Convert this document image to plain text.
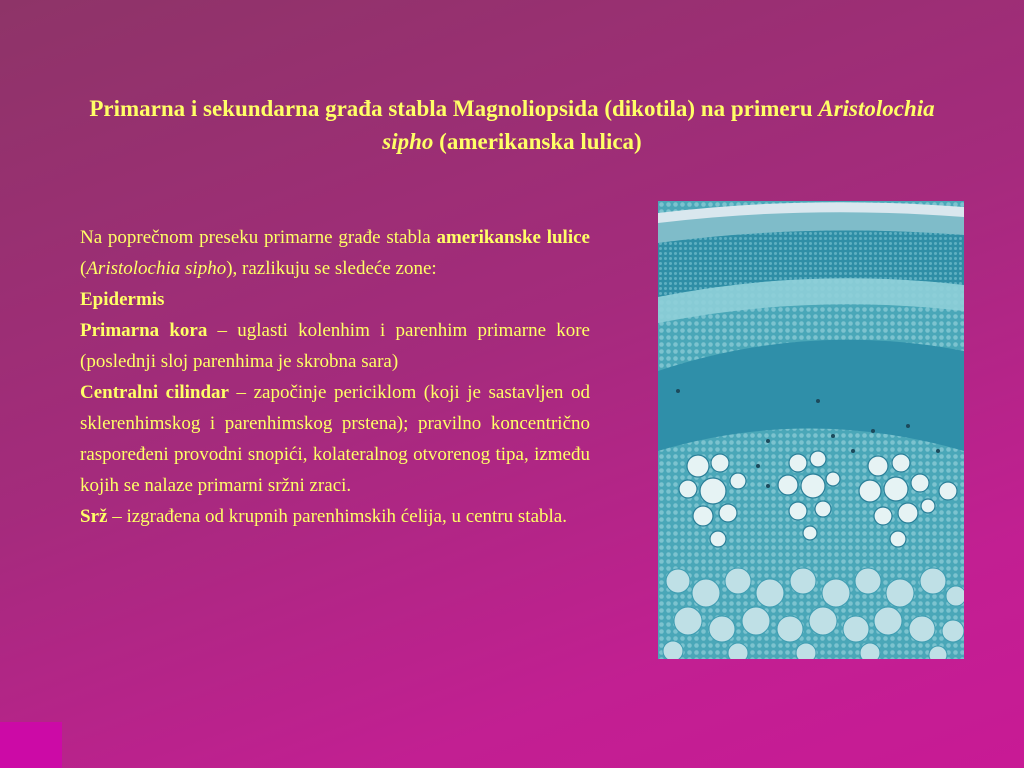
Primarna i sekundarna građa stabla Magnoliopsida (dikotila) na primeru Aristolochia sipho (amerikanska lulica)

Na poprečnom preseku primarne građe stabla amerikanske lulice (Aristolochia sipho), razlikuju se sledeće zone:

Epidermis

Primarna kora – uglasti kolenhim i parenhim primarne kore (poslednji sloj parenhima je skrobna sara)

Centralni cilindar – započinje periciklom (koji je sastavljen od sklerenhimskog i parenhimskog prstena); pravilno koncentrično raspoređeni provodni snopići, kolateralnog otvorenog tipa, između kojih se nalaze primarni sržni zraci.

Srž – izgrađena od krupnih parenhimskih ćelija, u centru stabla.
